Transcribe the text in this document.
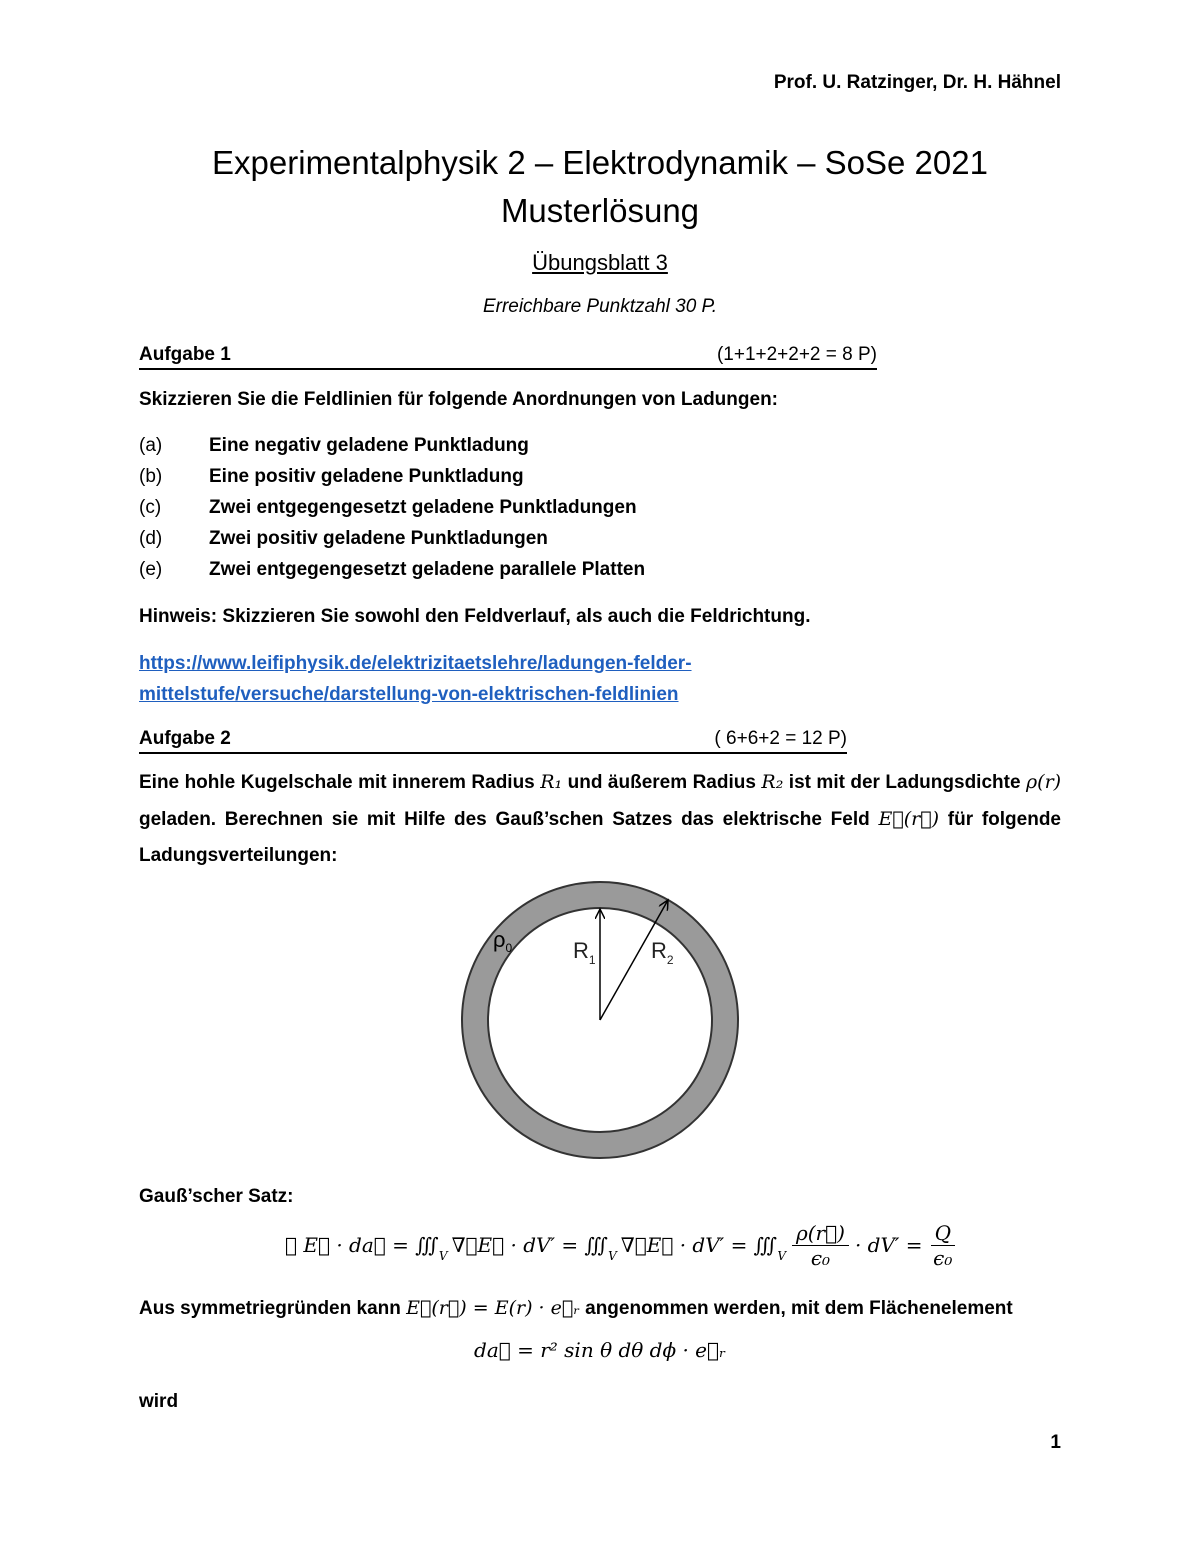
Prof. U. Ratzinger, Dr. H. Hähnel
Experimentalphysik 2 – Elektrodynamik – SoSe 2021
Musterlösung
Übungsblatt 3
Erreichbare Punktzahl 30 P.
Aufgabe 1	(1+1+2+2+2 = 8 P)
Skizzieren Sie die Feldlinien für folgende Anordnungen von Ladungen:
(a) Eine negativ geladene Punktladung
(b) Eine positiv geladene Punktladung
(c)	Zwei entgegengesetzt geladene Punktladungen
(d) Zwei positiv geladene Punktladungen
(e) Zwei entgegengesetzt geladene parallele Platten
Hinweis: Skizzieren Sie sowohl den Feldverlauf, als auch die Feldrichtung.
https://www.leifiphysik.de/elektrizitaetslehre/ladungen-felder-
mittelstufe/versuche/darstellung-von-elektrischen-feldlinien
Aufgabe 2	( 6+6+2 = 12 P)
Eine hohle Kugelschale mit innerem Radius R₁ und äußerem Radius R₂ ist mit der Ladungsdichte ρ(r) geladen. Berechnen sie mit Hilfe des Gauß’schen Satzes das elektrische Feld E⃗(r⃗) für folgende Ladungsverteilungen:
$\rho_0$	$R_1$	$R_2$
Gauß’scher Satz:
∯ E⃗ · da⃗ = $∭_V$ ∇⃗E⃗ · $dV' = ∭_V$ ∇⃗E⃗ · $dV' = ∭_V \frac{\rho(r⃗)}{\text{ϵ₀}} \cdot dV' = \frac{Q}{\text{ϵ₀}}$
Aus symmetriegründen kann E⃗(r⃗) = E(r) · e⃗ᵣ angenommen werden, mit dem Flächenelement
da⃗ = r² sin θ dθ dϕ · e⃗ᵣ
wird
1
